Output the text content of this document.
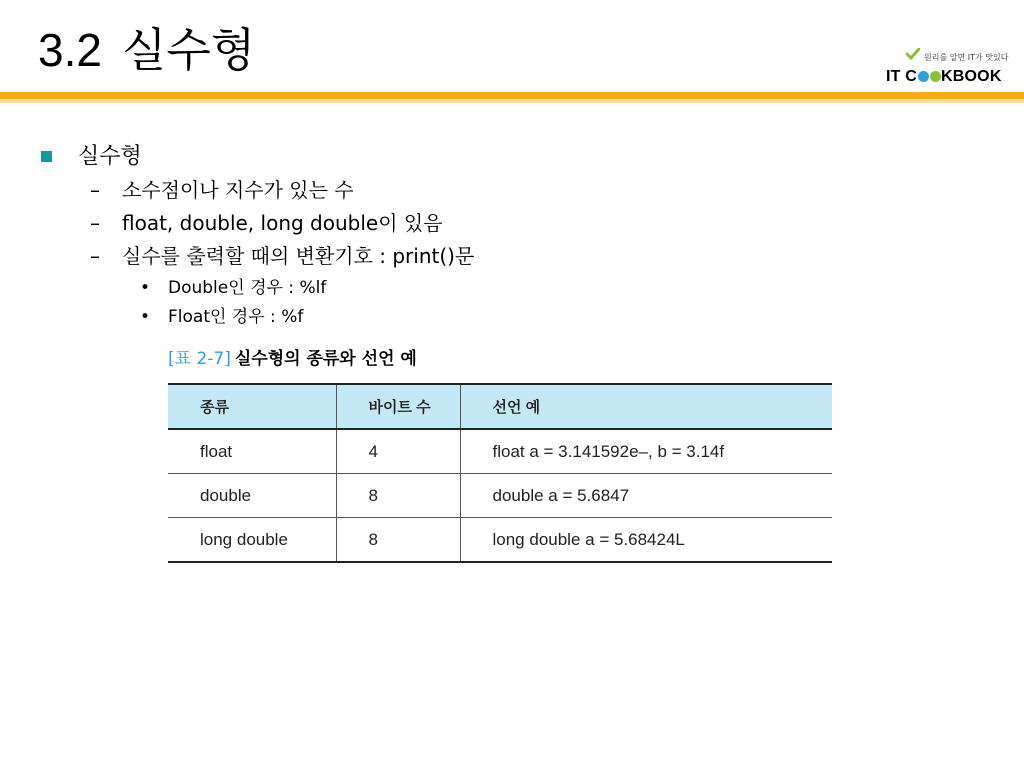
3.2 실수형	원리를 알면 IT가 맛있다
IT C KBOOK
실수형
– 소수점이나 지수가 있는 수
– float, double, long double이 있음
– 실수를 출력할 때의 변환기호 : print()문
• Double인 경우 : %lf
• Float인 경우 : %f
[표 2-7] 실수형의 종류와 선언 예
종류	바이트 수	선언 예
float	4	float a = 3.141592e–, b = 3.14f
double	8	double a = 5.6847
long double	8	long double a = 5.68424L
